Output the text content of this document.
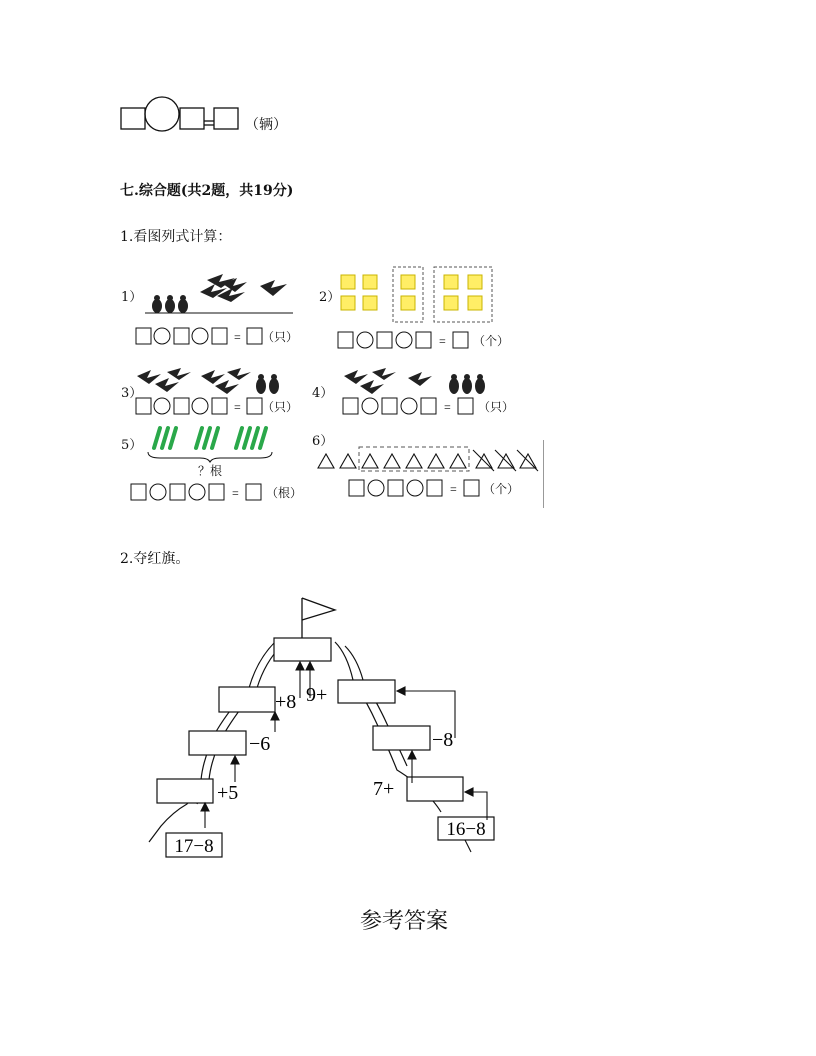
（辆）
七.综合题(共2题，共19分)
1.看图列式计算：
1）
= （只）
2）
= （个）
3）
= （只）
4）
= （只）
5）
？根
= （根）
6）
= （个）
2.夺红旗。
17−8
16−8
+8 9+
−6	−8
+5	7+
参考答案
